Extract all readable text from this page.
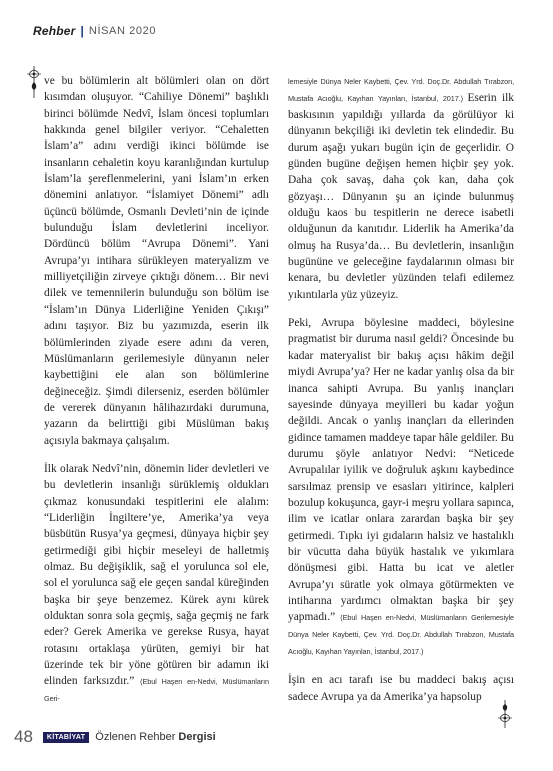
Rehber | NİSAN 2020

ve bu bölümlerin alt bölümleri olan on dört kısımdan oluşuyor. “Cahiliye Dönemi” başlıklı birinci bölümde Nedvî, İslam öncesi toplumları hakkında genel bilgiler veriyor. “Cehaletten İslam’a” adını verdiği ikinci bölümde ise insanların cehaletin koyu karanlığından kurtulup İslam’la şereflenmelerini, yani İslam’ın erken dönemini anlatıyor. “İslamiyet Dönemi” adlı üçüncü bölümde, Osmanlı Devleti’nin de içinde bulunduğu İslam devletlerini inceliyor. Dördüncü bölüm “Avrupa Dönemi”. Yani Avrupa’yı intihara sürükleyen materyalizm ve milliyetçiliğin zirveye çıktığı dönem… Bir nevi dilek ve temennilerin bulunduğu son bölüm ise “İslam’ın Dünya Liderliğine Yeniden Çıkışı” adını taşıyor. Biz bu yazımızda, eserin ilk bölümlerinden ziyade esere adını da veren, Müslümanların gerilemesiyle dünyanın neler kaybettiğini ele alan son bölümlerine değineceğiz. Şimdi dilerseniz, eserden bölümler de vererek dünyanın hâlihazırdaki durumuna, yazarın da belirttiği gibi Müslüman bakış açısıyla bakmaya çalışalım.

İlk olarak Nedvî’nin, dönemin lider devletleri ve bu devletlerin insanlığı sürüklemiş oldukları çıkmaz konusundaki tespitlerini ele alalım: “Liderliğin İngiltere’ye, Amerika’ya veya büsbütün Rusya’ya geçmesi, dünyaya hiçbir şey getirmediği gibi hiçbir meseleyi de halletmiş olmaz. Bu değişiklik, sağ el yorulunca sol ele, sol el yorulunca sağ ele geçen sandal küreğinden başka bir şeye benzemez. Kürek aynı kürek olduktan sonra sola geçmiş, sağa geçmiş ne fark eder? Gerek Amerika ve gerekse Rusya, hayat rotasını ortaklaşa yürüten, gemiyi bir hat üzerinde tek bir yöne götüren bir adamın iki elinden farksızdır.” (Ebul Haşen en-Nedvi, Müslümanların Geri-

lemesiyle Dünya Neler Kaybetti, Çev. Yrd. Doç.Dr. Abdullah Tırabzon, Mustafa Acıoğlu, Kayıhan Yayınları, İstanbul, 2017.) Eserin ilk baskısının yapıldığı yıllarda da görülüyor ki dünyanın bekçiliği iki devletin tek elindedir. Bu durum aşağı yukarı bugün için de geçerlidir. O günden bugüne değişen hemen hiçbir şey yok. Daha çok savaş, daha çok kan, daha çok gözyaşı… Dünyanın şu an içinde bulunmuş olduğu kaos bu tespitlerin ne derece isabetli olduğunun da kanıtıdır. Liderlik ha Amerika’da olmuş ha Rusya’da… Bu devletlerin, insanlığın bugününe ve geleceğine faydalarının olması bir kenara, bu devletler yüzünden telafi edilemez yıkıntılarla yüz yüzeyiz.

Peki, Avrupa böylesine maddeci, böylesine pragmatist bir duruma nasıl geldi? Öncesinde bu kadar materyalist bir bakış açısı hâkim değil miydi Avrupa’ya? Her ne kadar yanlış olsa da bir inanca sahipti Avrupa. Bu yanlış inançları sayesinde dünyaya meyilleri bu kadar yoğun değildi. Ancak o yanlış inançları da ellerinden gidince tamamen maddeye tapar hâle geldiler. Bu durumu şöyle anlatıyor Nedvi: “Neticede Avrupalılar iyilik ve doğruluk aşkını kaybedince sarsılmaz prensip ve esasları yitirince, kalpleri bozulup kokuşunca, gayr-i meşru yollara sapınca, ilim ve icatlar onlara zarardan başka bir şey getirmedi. Tıpkı iyi gıdaların halsiz ve hastalıklı bir vücutta daha büyük hastalık ve yıkımlara dönüşmesi gibi. Hatta bu icat ve aletler Avrupa’yı süratle yok olmaya götürmekten ve intiharına yardımcı olmaktan başka bir şey yapmadı.” (Ebul Haşen en-Nedvi, Müslümanların Gerilemesiyle Dünya Neler Kaybetti, Çev. Yrd. Doç.Dr. Abdullah Tırabzon, Mustafa Acıoğlu, Kayıhan Yayınları, İstanbul, 2017.)

İşin en acı tarafı ise bu maddeci bakış açısı sadece Avrupa ya da Amerika’ya hapsolup

48	KİTABİYAT Özlenen Rehber Dergisi
